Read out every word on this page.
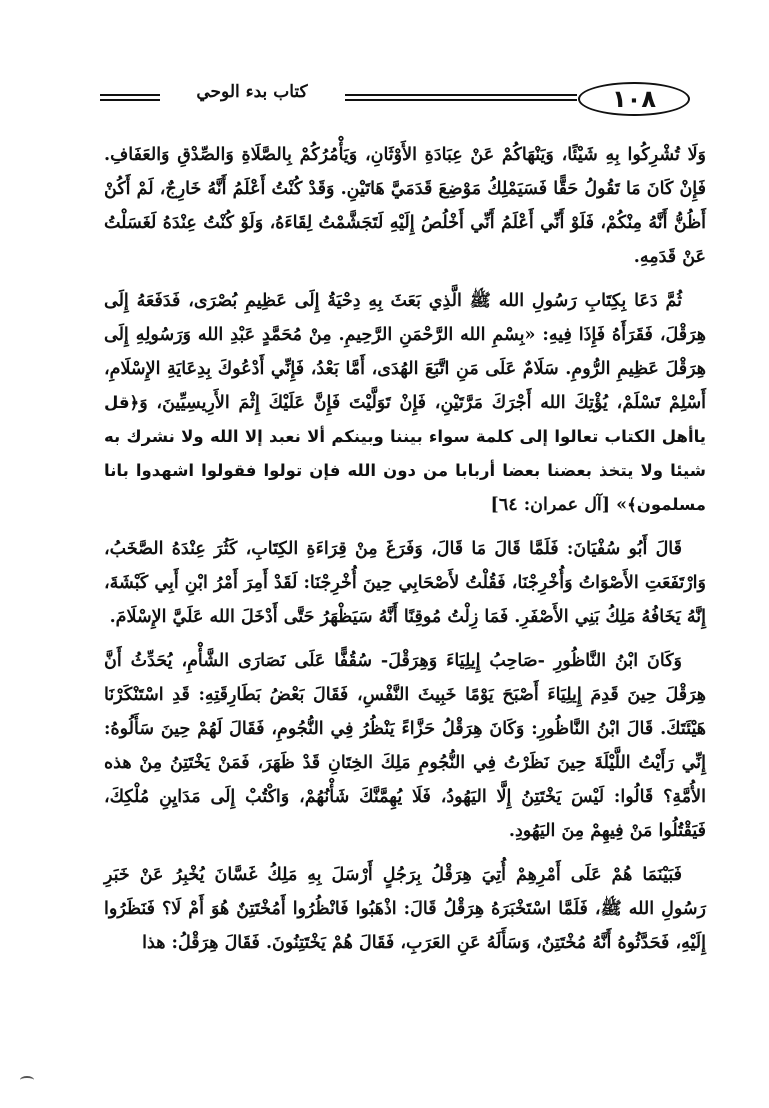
كتاب بدء الوحي	١٠٨

وَلَا تُشْرِكُوا بِهِ شَيْئًا، وَيَنْهَاكُمْ عَنْ عِبَادَةِ الأَوْثَانِ، وَيَأْمُرُكُمْ بِالصَّلَاةِ وَالصِّدْقِ وَالعَفَافِ. فَإِنْ كَانَ مَا تَقُولُ حَقًّا فَسَيَمْلِكُ مَوْضِعَ قَدَمَيَّ هَاتَيْنِ. وَقَدْ كُنْتُ أَعْلَمُ أَنَّهُ خَارِجٌ، لَمْ أَكُنْ أَظُنُّ أَنَّهُ مِنْكُمْ، فَلَوْ أَنِّي أَعْلَمُ أَنِّي أَخْلُصُ إِلَيْهِ لَتَجَشَّمْتُ لِقَاءَهُ، وَلَوْ كُنْتُ عِنْدَهُ لَغَسَلْتُ عَنْ قَدَمِهِ.

ثُمَّ دَعَا بِكِتَابِ رَسُولِ الله ﷺ الَّذِي بَعَثَ بِهِ دِحْيَةُ إِلَى عَظِيمِ بُصْرَى، فَدَفَعَهُ إِلَى هِرَقْلَ، فَقَرَأَهُ فَإِذَا فِيهِ: «بِسْمِ الله الرَّحْمَنِ الرَّحِيمِ. مِنْ مُحَمَّدٍ عَبْدِ الله وَرَسُولِهِ إِلَى هِرَقْلَ عَظِيمِ الرُّومِ. سَلَامٌ عَلَى مَنِ اتَّبَعَ الهُدَى، أَمَّا بَعْدُ، فَإِنِّي أَدْعُوكَ بِدِعَايَةِ الإِسْلَامِ، أَسْلِمْ تَسْلَمْ، يُؤْتِكَ الله أَجْرَكَ مَرَّتَيْنِ، فَإِنْ تَوَلَّيْتَ فَإِنَّ عَلَيْكَ إِثْمَ الأَرِيسِيِّينَ، وَ﴿قل ياأهل الكتاب تعالوا إلى كلمة سواء بيننا وبينكم ألا نعبد إلا الله ولا نشرك به شيئا ولا يتخذ بعضنا بعضا أربابا من دون الله فإن تولوا فقولوا اشهدوا بانا مسلمون﴾» [آل عمران: ٦٤]

قَالَ أَبُو سُفْيَانَ: فَلَمَّا قَالَ مَا قَالَ، وَفَرَغَ مِنْ قِرَاءَةِ الكِتَابِ، كَثُرَ عِنْدَهُ الصَّخَبُ، وَارْتَفَعَتِ الأَصْوَاتُ وَأُخْرِجْنَا، فَقُلْتُ لأَصْحَابِي حِينَ أُخْرِجْنَا: لَقَدْ أَمِرَ أَمْرُ ابْنِ أَبِي كَبْشَةَ، إِنَّهُ يَخَافُهُ مَلِكُ بَنِي الأَصْفَرِ. فَمَا زِلْتُ مُوقِنًا أَنَّهُ سَيَظْهَرُ حَتَّى أَدْخَلَ الله عَلَيَّ الإِسْلَامَ.

وَكَانَ ابْنُ النَّاظُورِ -صَاحِبُ إِيلِيَاءَ وَهِرَقْلَ- سُقُفًّا عَلَى نَصَارَى الشَّأْمِ، يُحَدِّثُ أَنَّ هِرَقْلَ حِينَ قَدِمَ إِيلِيَاءَ أَصْبَحَ يَوْمًا خَبِيثَ النَّفْسِ، فَقَالَ بَعْضُ بَطَارِقَتِهِ: قَدِ اسْتَنْكَرْنَا هَيْئَتَكَ. قَالَ ابْنُ النَّاظُورِ: وَكَانَ هِرَقْلُ حَزَّاءً يَنْظُرُ فِي النُّجُومِ، فَقَالَ لَهُمْ حِينَ سَأَلُوهُ: إِنِّي رَأَيْتُ اللَّيْلَةَ حِينَ نَظَرْتُ فِي النُّجُومِ مَلِكَ الخِتَانِ قَدْ ظَهَرَ، فَمَنْ يَخْتَتِنُ مِنْ هذه الأُمَّةِ؟ قَالُوا: لَيْسَ يَخْتَتِنُ إِلَّا اليَهُودُ، فَلَا يُهِمَّنَّكَ شَأْنُهُمْ، وَاكْتُبْ إِلَى مَدَايِنِ مُلْكِكَ، فَيَقْتُلُوا مَنْ فِيهِمْ مِنَ اليَهُودِ.

فَبَيْنَمَا هُمْ عَلَى أَمْرِهِمْ أُتِيَ هِرَقْلُ بِرَجُلٍ أَرْسَلَ بِهِ مَلِكُ غَسَّانَ يُخْبِرُ عَنْ خَبَرِ رَسُولِ الله ﷺ، فَلَمَّا اسْتَخْبَرَهُ هِرَقْلُ قَالَ: اذْهَبُوا فَانْظُرُوا أَمُخْتَتِنٌ هُوَ أَمْ لَا؟ فَنَظَرُوا إِلَيْهِ، فَحَدَّثُوهُ أَنَّهُ مُخْتَتِنٌ، وَسَأَلَهُ عَنِ العَرَبِ، فَقَالَ هُمْ يَخْتَتِنُونَ. فَقَالَ هِرَقْلُ: هذا
